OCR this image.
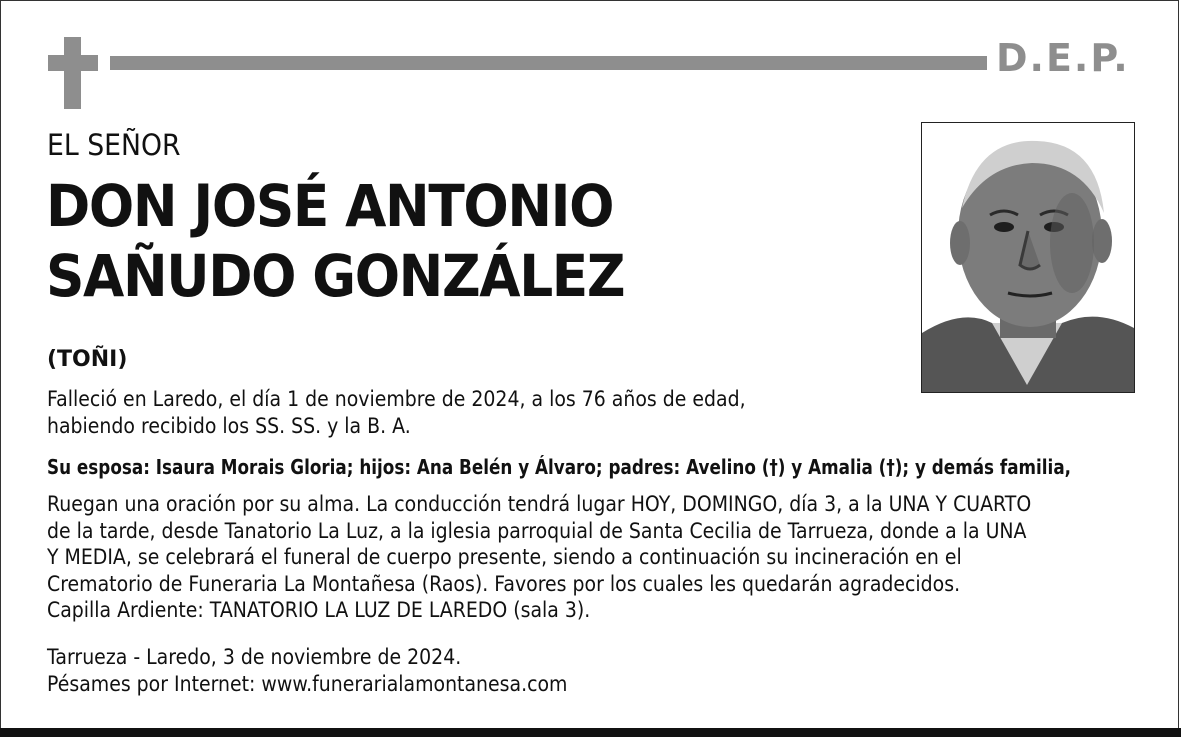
D.E.P.
EL SEÑOR
DON JOSÉ ANTONIO
SAÑUDO GONZÁLEZ
(TOÑI)
Falleció en Laredo, el día 1 de noviembre de 2024, a los 76 años de edad,
habiendo recibido los SS. SS. y la B. A.
Su esposa: Isaura Morais Gloria; hijos: Ana Belén y Álvaro; padres: Avelino (†) y Amalia (†); y demás familia,
Ruegan una oración por su alma. La conducción tendrá lugar HOY, DOMINGO, día 3, a la UNA Y CUARTO
de la tarde, desde Tanatorio La Luz, a la iglesia parroquial de Santa Cecilia de Tarrueza, donde a la UNA
Y MEDIA, se celebrará el funeral de cuerpo presente, siendo a continuación su incineración en el
Crematorio de Funeraria La Montañesa (Raos). Favores por los cuales les quedarán agradecidos.
Capilla Ardiente: TANATORIO LA LUZ DE LAREDO (sala 3).
Tarrueza - Laredo, 3 de noviembre de 2024.
Pésames por Internet: www.funerarialamontanesa.com
